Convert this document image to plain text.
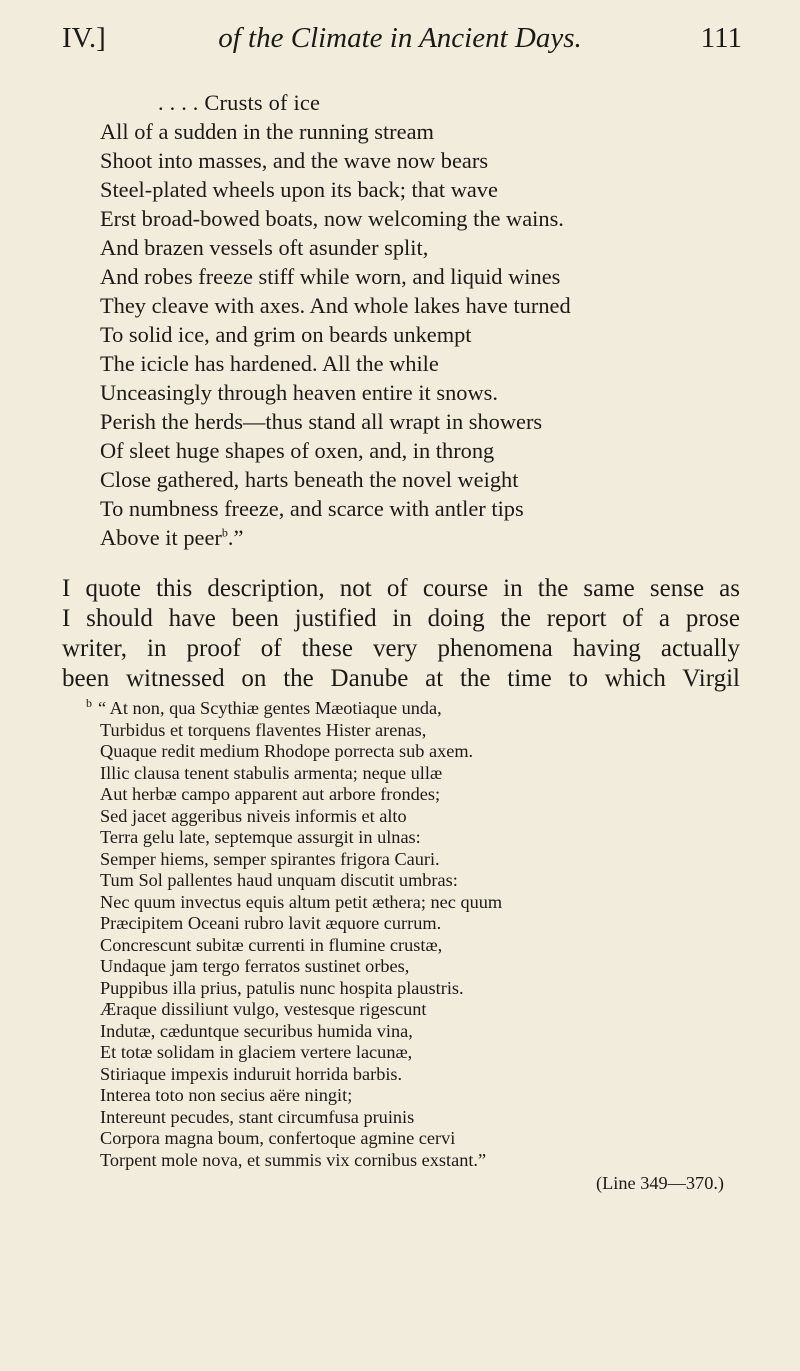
IV.]	of the Climate in Ancient Days.	111
. . . . Crusts of ice
All of a sudden in the running stream
Shoot into masses, and the wave now bears
Steel-plated wheels upon its back; that wave
Erst broad-bowed boats, now welcoming the wains.
And brazen vessels oft asunder split,
And robes freeze stiff while worn, and liquid wines
They cleave with axes. And whole lakes have turned
To solid ice, and grim on beards unkempt
The icicle has hardened. All the while
Unceasingly through heaven entire it snows.
Perish the herds—thus stand all wrapt in showers
Of sleet huge shapes of oxen, and, in throng
Close gathered, harts beneath the novel weight
To numbness freeze, and scarce with antler tips
Above it peer$^b$.”
I quote this description, not of course in the same sense as
I should have been justified in doing the report of a prose
writer, in proof of these very phenomena having actually
been witnessed on the Danube at the time to which Virgil
$^b$ “ At non, qua Scythiæ gentes Mæotiaque unda,
Turbidus et torquens flaventes Hister arenas,
Quaque redit medium Rhodope porrecta sub axem.
Illic clausa tenent stabulis armenta; neque ullæ
Aut herbæ campo apparent aut arbore frondes;
Sed jacet aggeribus niveis informis et alto
Terra gelu late, septemque assurgit in ulnas:
Semper hiems, semper spirantes frigora Cauri.
Tum Sol pallentes haud unquam discutit umbras:
Nec quum invectus equis altum petit æthera; nec quum
Præcipitem Oceani rubro lavit æquore currum.
Concrescunt subitæ currenti in flumine crustæ,
Undaque jam tergo ferratos sustinet orbes,
Puppibus illa prius, patulis nunc hospita plaustris.
Æraque dissiliunt vulgo, vestesque rigescunt
Indutæ, cæduntque securibus humida vina,
Et totæ solidam in glaciem vertere lacunæ,
Stiriaque impexis induruit horrida barbis.
Interea toto non secius aëre ningit;
Intereunt pecudes, stant circumfusa pruinis
Corpora magna boum, confertoque agmine cervi
Torpent mole nova, et summis vix cornibus exstant.”
(Line 349—370.)
